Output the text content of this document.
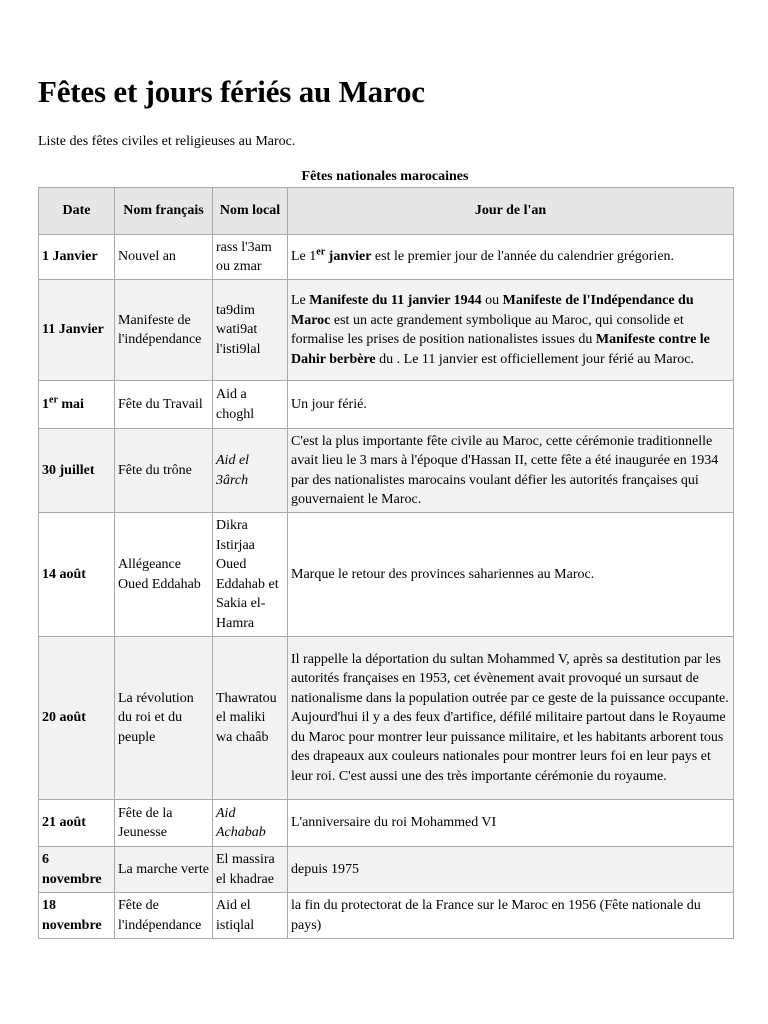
Fêtes et jours fériés au Maroc

Liste des fêtes civiles et religieuses au Maroc.

Fêtes nationales marocaines
Date	Nom français	Nom local	Jour de l'an
1 Janvier	Nouvel an	rass l'3am ou zmar	Le 1er janvier est le premier jour de l'année du calendrier grégorien.
11 Janvier	Manifeste de l'indépendance	ta9dim wati9at l'isti9lal	Le Manifeste du 11 janvier 1944 ou Manifeste de l'Indépendance du Maroc est un acte grandement symbolique au Maroc, qui consolide et formalise les prises de position nationalistes issues du Manifeste contre le Dahir berbère du . Le 11 janvier est officiellement jour férié au Maroc.
1er mai	Fête du Travail	Aid a choghl	Un jour férié.
30 juillet	Fête du trône	Aid el 3ârch	C'est la plus importante fête civile au Maroc, cette cérémonie traditionnelle avait lieu le 3 mars à l'époque d'Hassan II, cette fête a été inaugurée en 1934 par des nationalistes marocains voulant défier les autorités françaises qui gouvernaient le Maroc.
14 août	Allégeance Oued Eddahab	Dikra Istirjaa Oued Eddahab et Sakia el-Hamra	Marque le retour des provinces sahariennes au Maroc.
20 août	La révolution du roi et du peuple	Thawratou el maliki wa chaâb	Il rappelle la déportation du sultan Mohammed V, après sa destitution par les autorités françaises en 1953, cet évènement avait provoqué un sursaut de nationalisme dans la population outrée par ce geste de la puissance occupante. Aujourd'hui il y a des feux d'artifice, défilé militaire partout dans le Royaume du Maroc pour montrer leur puissance militaire, et les habitants arborent tous des drapeaux aux couleurs nationales pour montrer leurs foi en leur pays et leur roi. C'est aussi une des très importante cérémonie du royaume.
21 août	Fête de la Jeunesse	Aid Achabab	L'anniversaire du roi Mohammed VI
6 novembre	La marche verte	El massira el khadrae	depuis 1975
18 novembre	Fête de l'indépendance	Aid el istiqlal	la fin du protectorat de la France sur le Maroc en 1956 (Fête nationale du pays)
